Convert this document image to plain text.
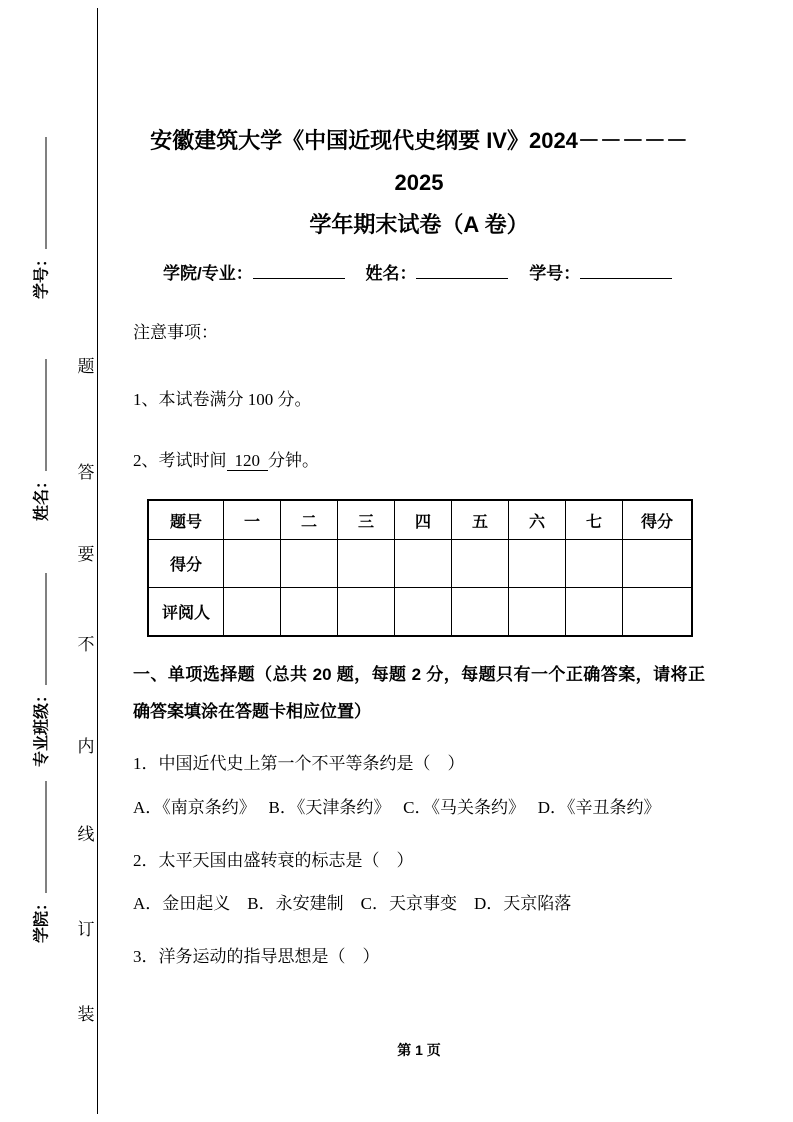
学号：
姓名：
专业班级：
学院：
题
答
要
不
内
线
订
装
安徽建筑大学《中国近现代史纲要 IV》2024－－－－－2025
学年期末试卷（A 卷）
学院/专业：	姓名：	学号：
注意事项：
1、本试卷满分 100 分。
2、考试时间 120 分钟。
题号	一	二	三	四	五	六	七	得分
得分								
评阅人								
一、单项选择题（总共 20 题，每题 2 分，每题只有一个正确答案，请将正确答案填涂在答题卡相应位置）
1．中国近代史上第一个不平等条约是（　）
A．《南京条约》　 B．《天津条约》　 C．《马关条约》　 D．《辛丑条约》
2．太平天国由盛转衰的标志是（　）
A．金田起义　B．永安建制　C．天京事变　D．天京陷落
3．洋务运动的指导思想是（　）
第 1 页
